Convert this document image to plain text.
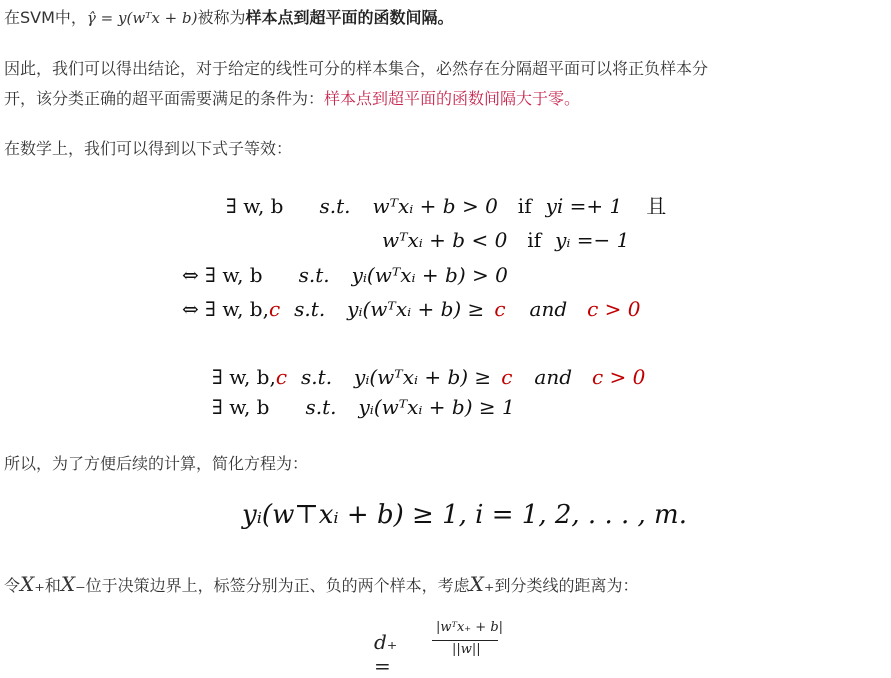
在SVM中，γ̂ = y(wᵀx + b)被称为样本点到超平面的函数间隔。
因此，我们可以得出结论，对于给定的线性可分的样本集合，必然存在分隔超平面可以将正负样本分
开，该分类正确的超平面需要满足的条件为：样本点到超平面的函数间隔大于零。
在数学上，我们可以得到以下式子等效：
∃ w, b s.t. wᵀxᵢ + b > 0 if yi =+ 1 且
wᵀxᵢ + b < 0 if yᵢ =− 1
⇔ ∃ w, b s.t. yᵢ(wᵀxᵢ + b) > 0
⇔ ∃ w, b,c s.t. yᵢ(wᵀxᵢ + b) ≥ c and c > 0
∃ w, b,c s.t. yᵢ(wᵀxᵢ + b) ≥ c and c > 0
∃ w, b s.t. yᵢ(wᵀxᵢ + b) ≥ 1
所以，为了方便后续的计算，简化方程为：
yᵢ(w⊤xᵢ + b) ≥ 1, i = 1, 2, . . . , m.
令X₊和X₋位于决策边界上，标签分别为正、负的两个样本，考虑X₊到分类线的距离为：
d₊ =
|wᵀx₊ + b|
||w||
